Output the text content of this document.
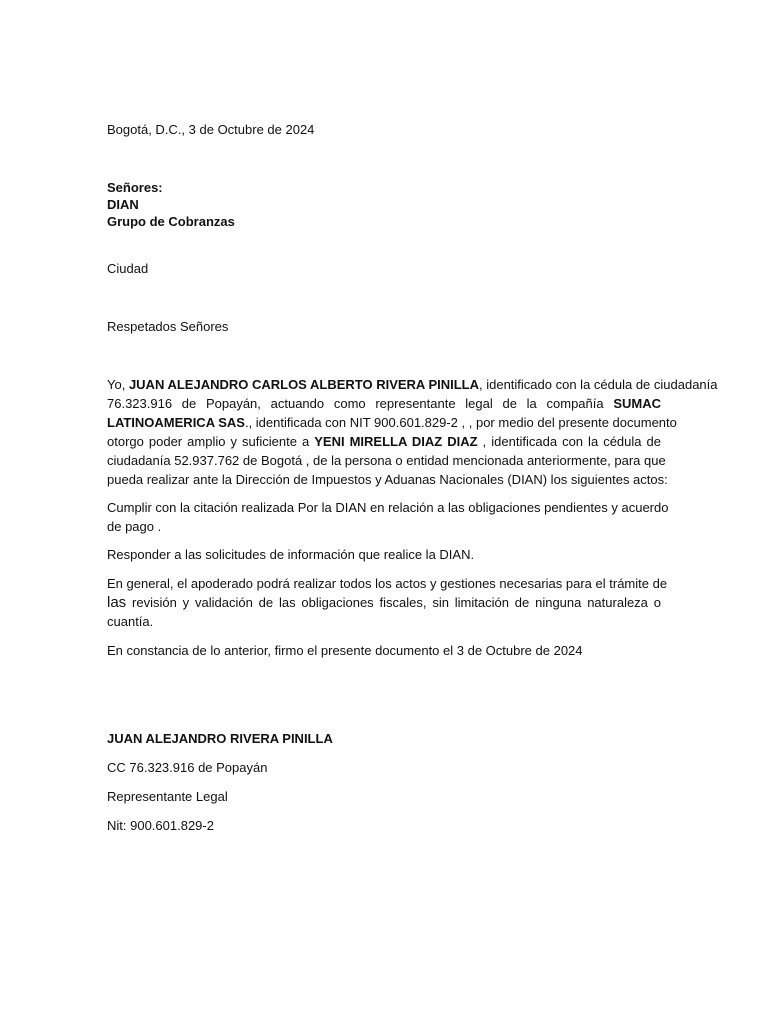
Bogotá, D.C., 3 de Octubre de 2024
Señores:
DIAN
Grupo de Cobranzas
Ciudad
Respetados Señores
Yo, JUAN ALEJANDRO CARLOS ALBERTO RIVERA PINILLA, identificado con la cédula de ciudadanía
76.323.916 de Popayán, actuando como representante legal de la compañía SUMAC
LATINOAMERICA SAS., identificada con NIT 900.601.829-2 , , por medio del presente documento
otorgo poder amplio y suficiente a YENI MIRELLA DIAZ DIAZ , identificada con la cédula de
ciudadanía 52.937.762 de Bogotá , de la persona o entidad mencionada anteriormente, para que
pueda realizar ante la Dirección de Impuestos y Aduanas Nacionales (DIAN) los siguientes actos:
Cumplir con la citación realizada Por la DIAN en relación a las obligaciones pendientes y acuerdo
de pago .
Responder a las solicitudes de información que realice la DIAN.
En general, el apoderado podrá realizar todos los actos y gestiones necesarias para el trámite de
las revisión y validación de las obligaciones fiscales, sin limitación de ninguna naturaleza o
cuantía.
En constancia de lo anterior, firmo el presente documento el 3 de Octubre de 2024
JUAN ALEJANDRO RIVERA PINILLA
CC 76.323.916 de Popayán
Representante Legal
Nit: 900.601.829-2
